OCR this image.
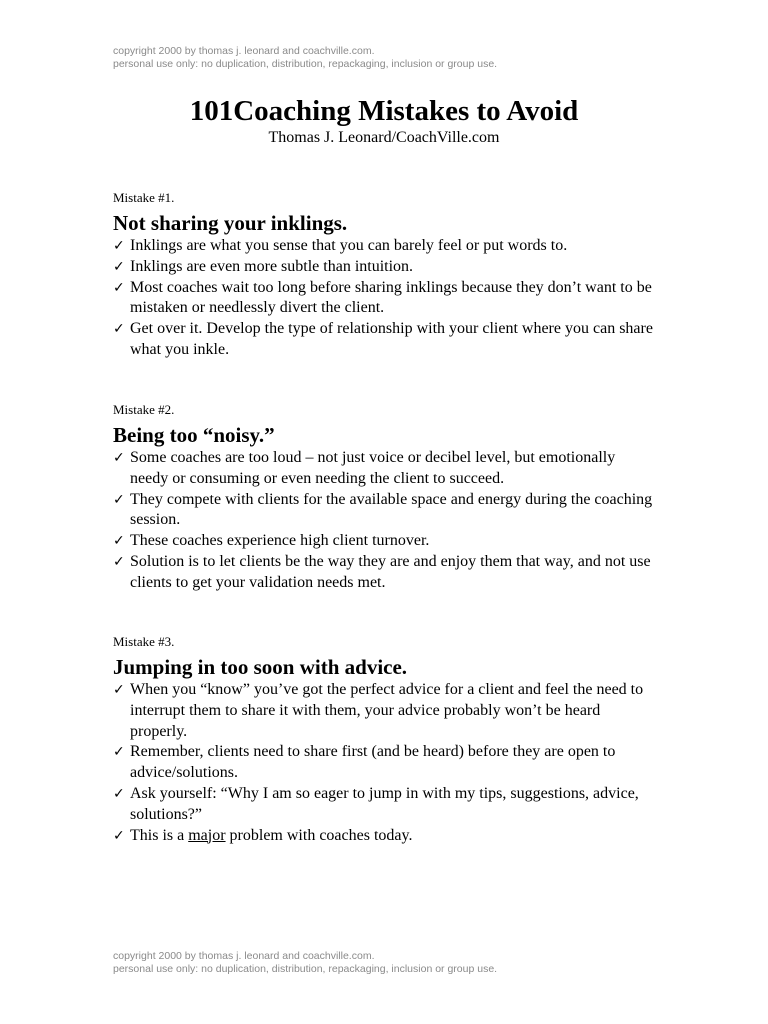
copyright 2000 by thomas j. leonard and coachville.com.
personal use only: no duplication, distribution, repackaging, inclusion or group use.
101Coaching Mistakes to Avoid
Thomas J. Leonard/CoachVille.com
Mistake #1.
Not sharing your inklings.
✓ Inklings are what you sense that you can barely feel or put words to.
✓ Inklings are even more subtle than intuition.
✓ Most coaches wait too long before sharing inklings because they don’t want to be mistaken or needlessly divert the client.
✓ Get over it. Develop the type of relationship with your client where you can share what you inkle.
Mistake #2.
Being too “noisy.”
✓ Some coaches are too loud – not just voice or decibel level, but emotionally needy or consuming or even needing the client to succeed.
✓ They compete with clients for the available space and energy during the coaching session.
✓ These coaches experience high client turnover.
✓ Solution is to let clients be the way they are and enjoy them that way, and not use clients to get your validation needs met.
Mistake #3.
Jumping in too soon with advice.
✓ When you “know” you’ve got the perfect advice for a client and feel the need to interrupt them to share it with them, your advice probably won’t be heard properly.
✓ Remember, clients need to share first (and be heard) before they are open to advice/solutions.
✓ Ask yourself: “Why I am so eager to jump in with my tips, suggestions, advice, solutions?”
✓ This is a major problem with coaches today.
copyright 2000 by thomas j. leonard and coachville.com.
personal use only: no duplication, distribution, repackaging, inclusion or group use.
